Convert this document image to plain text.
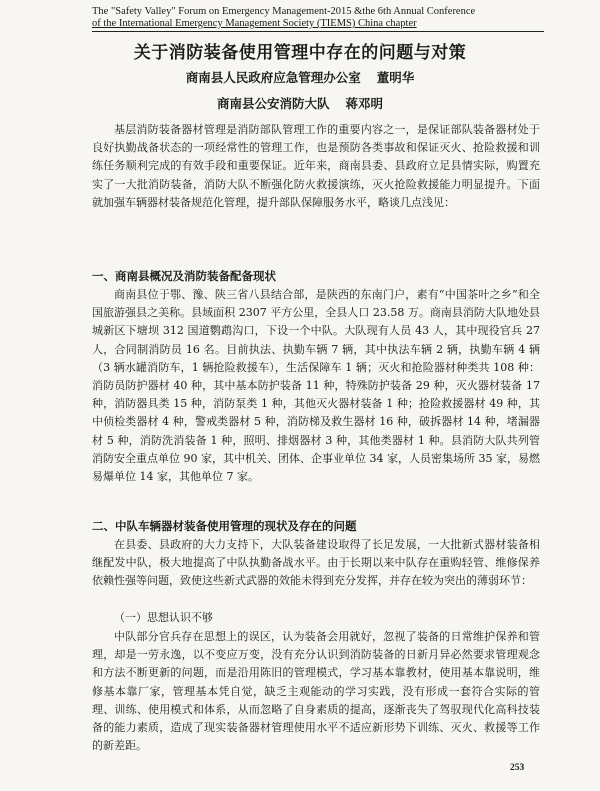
The "Safety Valley" Forum on Emergency Management-2015 &the 6th Annual Conference
of the International Emergency Management Society (TIEMS) China chapter
关于消防装备使用管理中存在的问题与对策
商南县人民政府应急管理办公室 董明华
商南县公安消防大队 蒋邓明

基层消防装备器材管理是消防部队管理工作的重要内容之一，是保证部队装备器材处于良好执勤战备状态的一项经常性的管理工作，也是预防各类事故和保证灭火、抢险救援和训练任务顺利完成的有效手段和重要保证。近年来，商南县委、县政府立足县情实际，购置充实了一大批消防装备，消防大队不断强化防火救援演练，灭火抢险救援能力明显提升。下面就加强车辆器材装备规范化管理，提升部队保障服务水平，略谈几点浅见：

一、商南县概况及消防装备配备现状

商南县位于鄂、豫、陕三省八县结合部，是陕西的东南门户，素有“中国茶叶之乡”和全国旅游强县之美称。县域面积 2307 平方公里，全县人口 23.58 万。商南县消防大队地处县城新区下塘坝 312 国道鹦鹉沟口，下设一个中队。大队现有人员 43 人，其中现役官兵 27 人，合同制消防员 16 名。目前执法、执勤车辆 7 辆，其中执法车辆 2 辆，执勤车辆 4 辆（3 辆水罐消防车，1 辆抢险救援车），生活保障车 1 辆；灭火和抢险器材种类共 108 种：消防员防护器材 40 种，其中基本防护装备 11 种，特殊防护装备 29 种，灭火器材装备 17 种，消防器具类 15 种，消防泵类 1 种，其他灭火器材装备 1 种；抢险救援器材 49 种，其中侦检类器材 4 种，警戒类器材 5 种，消防梯及救生器材 16 种，破拆器材 14 种，堵漏器材 5 种，消防洗消装备 1 种，照明、排烟器材 3 种，其他类器材 1 种。县消防大队共列管消防安全重点单位 90 家，其中机关、团体、企事业单位 34 家，人员密集场所 35 家，易燃易爆单位 14 家，其他单位 7 家。

二、中队车辆器材装备使用管理的现状及存在的问题

在县委、县政府的大力支持下，大队装备建设取得了长足发展，一大批新式器材装备相继配发中队，极大地提高了中队执勤备战水平。由于长期以来中队存在重购轻管、维修保养依赖性强等问题，致使这些新式武器的效能未得到充分发挥，并存在较为突出的薄弱环节：

（一）思想认识不够

中队部分官兵存在思想上的误区，认为装备会用就好，忽视了装备的日常维护保养和管理，却是一劳永逸，以不变应万变，没有充分认识到消防装备的日新月异必然要求管理观念和方法不断更新的问题，而是沿用陈旧的管理模式，学习基本靠教材，使用基本靠说明，维修基本靠厂家，管理基本凭自觉，缺乏主观能动的学习实践，没有形成一套符合实际的管理、训练、使用模式和体系，从而忽略了自身素质的提高，逐渐丧失了驾驭现代化高科技装备的能力素质，造成了现实装备器材管理使用水平不适应新形势下训练、灭火、救援等工作的新差距。

253
